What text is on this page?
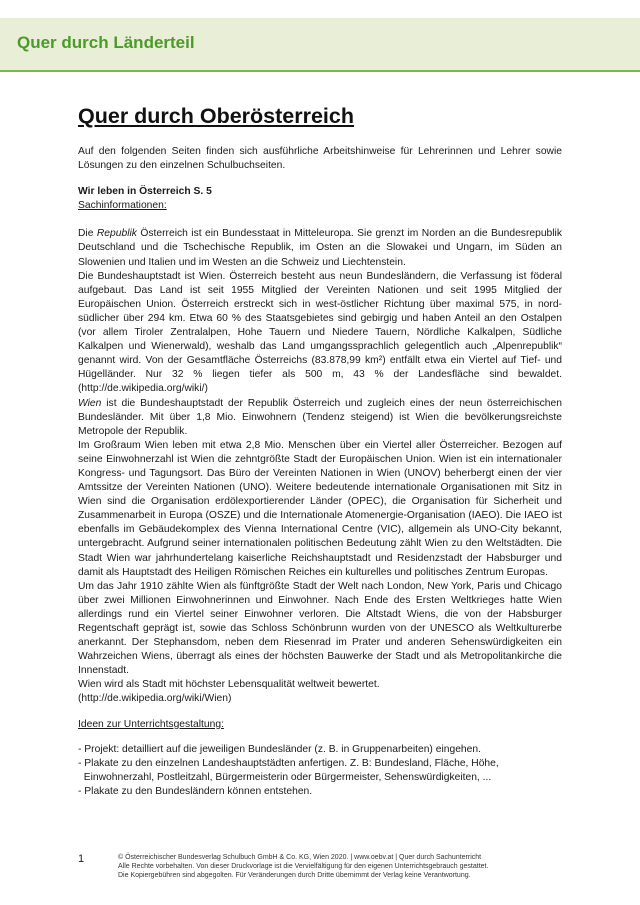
Quer durch Länderteil
Quer durch Oberösterreich

Auf den folgenden Seiten finden sich ausführliche Arbeitshinweise für Lehrerinnen und Lehrer sowie Lösungen zu den einzelnen Schulbuchseiten.

Wir leben in Österreich S. 5

Sachinformationen:

Die Republik Österreich ist ein Bundesstaat in Mitteleuropa. Sie grenzt im Norden an die Bundesrepublik Deutschland und die Tschechische Republik, im Osten an die Slowakei und Ungarn, im Süden an Slowenien und Italien und im Westen an die Schweiz und Liechtenstein.

Die Bundeshauptstadt ist Wien. Österreich besteht aus neun Bundesländern, die Verfassung ist föderal aufgebaut. Das Land ist seit 1955 Mitglied der Vereinten Nationen und seit 1995 Mitglied der Europäischen Union. Österreich erstreckt sich in west-östlicher Richtung über maximal 575, in nord-südlicher über 294 km. Etwa 60 % des Staatsgebietes sind gebirgig und haben Anteil an den Ostalpen (vor allem Tiroler Zentralalpen, Hohe Tauern und Niedere Tauern, Nördliche Kalkalpen, Südliche Kalkalpen und Wienerwald), weshalb das Land umgangssprachlich gelegentlich auch „Alpenrepublik“ genannt wird. Von der Gesamtfläche Österreichs (83.878,99 km²) entfällt etwa ein Viertel auf Tief- und Hügelländer. Nur 32 % liegen tiefer als 500 m, 43 % der Landesfläche sind bewaldet. (http://de.wikipedia.org/wiki/)

Wien ist die Bundeshauptstadt der Republik Österreich und zugleich eines der neun österreichischen Bundesländer. Mit über 1,8 Mio. Einwohnern (Tendenz steigend) ist Wien die bevölkerungsreichste Metropole der Republik.

Im Großraum Wien leben mit etwa 2,8 Mio. Menschen über ein Viertel aller Österreicher. Bezogen auf seine Einwohnerzahl ist Wien die zehntgrößte Stadt der Europäischen Union. Wien ist ein internationaler Kongress- und Tagungsort. Das Büro der Vereinten Nationen in Wien (UNOV) beherbergt einen der vier Amtssitze der Vereinten Nationen (UNO). Weitere bedeutende internationale Organisationen mit Sitz in Wien sind die Organisation erdölexportierender Länder (OPEC), die Organisation für Sicherheit und Zusammenarbeit in Europa (OSZE) und die Internationale Atomenergie-Organisation (IAEO). Die IAEO ist ebenfalls im Gebäudekomplex des Vienna International Centre (VIC), allgemein als UNO-City bekannt, untergebracht. Aufgrund seiner internationalen politischen Bedeutung zählt Wien zu den Weltstädten. Die Stadt Wien war jahrhundertelang kaiserliche Reichshauptstadt und Residenzstadt der Habsburger und damit als Hauptstadt des Heiligen Römischen Reiches ein kulturelles und politisches Zentrum Europas.

Um das Jahr 1910 zählte Wien als fünftgrößte Stadt der Welt nach London, New York, Paris und Chicago über zwei Millionen Einwohnerinnen und Einwohner. Nach Ende des Ersten Weltkrieges hatte Wien allerdings rund ein Viertel seiner Einwohner verloren. Die Altstadt Wiens, die von der Habsburger Regentschaft geprägt ist, sowie das Schloss Schönbrunn wurden von der UNESCO als Weltkulturerbe anerkannt. Der Stephansdom, neben dem Riesenrad im Prater und anderen Sehenswürdigkeiten ein Wahrzeichen Wiens, überragt als eines der höchsten Bauwerke der Stadt und als Metropolitankirche die Innenstadt.

Wien wird als Stadt mit höchster Lebensqualität weltweit bewertet.

(http://de.wikipedia.org/wiki/Wien)

Ideen zur Unterrichtsgestaltung:

- Projekt: detailliert auf die jeweiligen Bundesländer (z. B. in Gruppenarbeiten) eingehen.
- Plakate zu den einzelnen Landeshauptstädten anfertigen. Z. B: Bundesland, Fläche, Höhe,
Einwohnerzahl, Postleitzahl, Bürgermeisterin oder Bürgermeister, Sehenswürdigkeiten, ...
- Plakate zu den Bundesländern können entstehen.
1	© Österreichischer Bundesverlag Schulbuch GmbH & Co. KG, Wien 2020. | www.oebv.at | Quer durch Sachunterricht
Alle Rechte vorbehalten. Von dieser Druckvorlage ist die Vervielfältigung für den eigenen Unterrichtsgebrauch gestattet.
Die Kopiergebühren sind abgegolten. Für Veränderungen durch Dritte übernimmt der Verlag keine Verantwortung.
